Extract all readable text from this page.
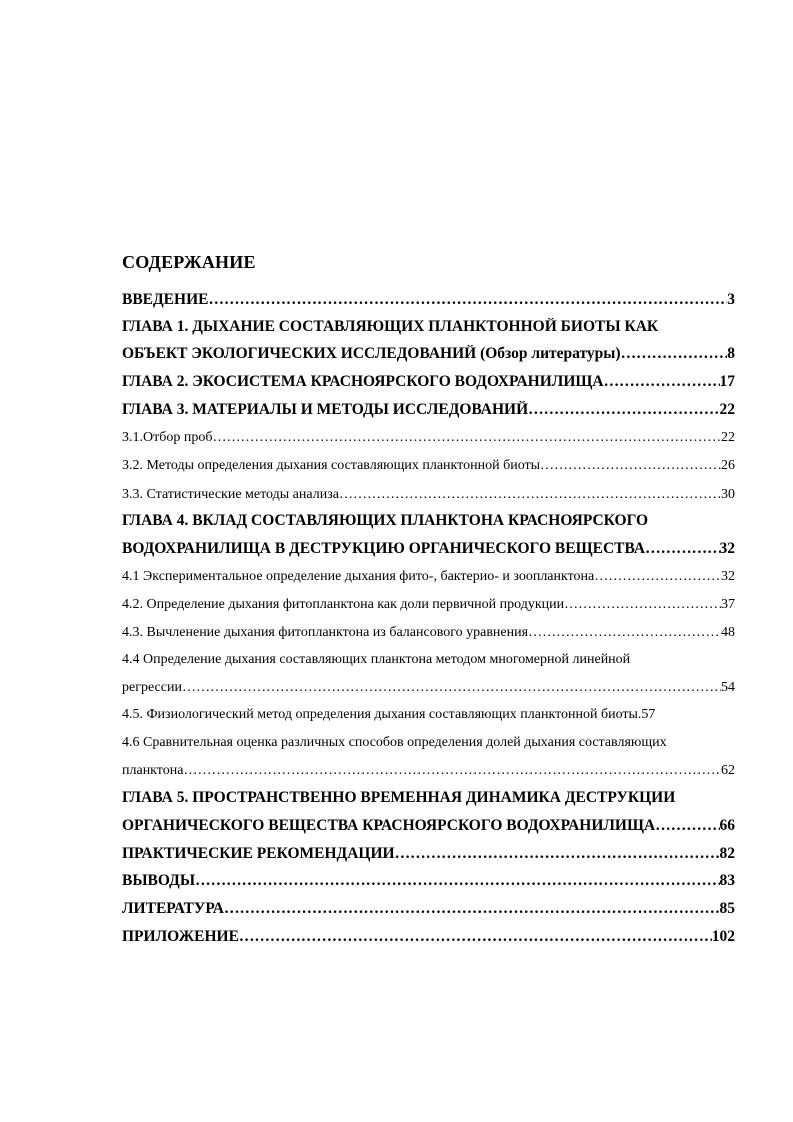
СОДЕРЖАНИЕ
ВВЕДЕНИЕ ………………………………………………………………………………………………………………………………………………………………………………………………	3
ГЛАВА 1. ДЫХАНИЕ СОСТАВЛЯЮЩИХ ПЛАНКТОННОЙ БИОТЫ КАК
ОБЪЕКТ ЭКОЛОГИЧЕСКИХ ИССЛЕДОВАНИЙ (Обзор литературы) ………………………………………………………………………………………………………………………………………………………………………………………………	8
ГЛАВА 2. ЭКОСИСТЕМА КРАСНОЯРСКОГО ВОДОХРАНИЛИЩА ………………………………………………………………………………………………………………………………………………………………………………………………	17
ГЛАВА 3. МАТЕРИАЛЫ И МЕТОДЫ ИССЛЕДОВАНИЙ ………………………………………………………………………………………………………………………………………………………………………………………………	22
3.1.Отбор проб ………………………………………………………………………………………………………………………………………………………………………………………………	22
3.2. Методы определения дыхания составляющих планктонной биоты ………………………………………………………………………………………………………………………………………………………………………………………………	26
3.3. Статистические методы анализа ………………………………………………………………………………………………………………………………………………………………………………………………	30
ГЛАВА 4. ВКЛАД СОСТАВЛЯЮЩИХ ПЛАНКТОНА КРАСНОЯРСКОГО
ВОДОХРАНИЛИЩА В ДЕСТРУКЦИЮ ОРГАНИЧЕСКОГО ВЕЩЕСТВА ………………………………………………………………………………………………………………………………………………………………………………………………	32
4.1 Экспериментальное определение дыхания фито-, бактерио- и зоопланктона ………………………………………………………………………………………………………………………………………………………………………………………………	32
4.2. Определение дыхания фитопланктона как доли первичной продукции ………………………………………………………………………………………………………………………………………………………………………………………………	37
4.3. Вычленение дыхания фитопланктона из балансового уравнения ………………………………………………………………………………………………………………………………………………………………………………………………	48
4.4 Определение дыхания составляющих планктона методом многомерной линейной
регрессии ………………………………………………………………………………………………………………………………………………………………………………………………	54
4.5. Физиологический метод определения дыхания составляющих планктонной биоты.57
4.6 Сравнительная оценка различных способов определения долей дыхания составляющих
планктона ………………………………………………………………………………………………………………………………………………………………………………………………	62
ГЛАВА 5. ПРОСТРАНСТВЕННО ВРЕМЕННАЯ ДИНАМИКА ДЕСТРУКЦИИ
ОРГАНИЧЕСКОГО ВЕЩЕСТВА КРАСНОЯРСКОГО ВОДОХРАНИЛИЩА ………………………………………………………………………………………………………………………………………………………………………………………………	66
ПРАКТИЧЕСКИЕ РЕКОМЕНДАЦИИ ………………………………………………………………………………………………………………………………………………………………………………………………	82
ВЫВОДЫ ………………………………………………………………………………………………………………………………………………………………………………………………	83
ЛИТЕРАТУРА ………………………………………………………………………………………………………………………………………………………………………………………………	85
ПРИЛОЖЕНИЕ ………………………………………………………………………………………………………………………………………………………………………………………………	102
